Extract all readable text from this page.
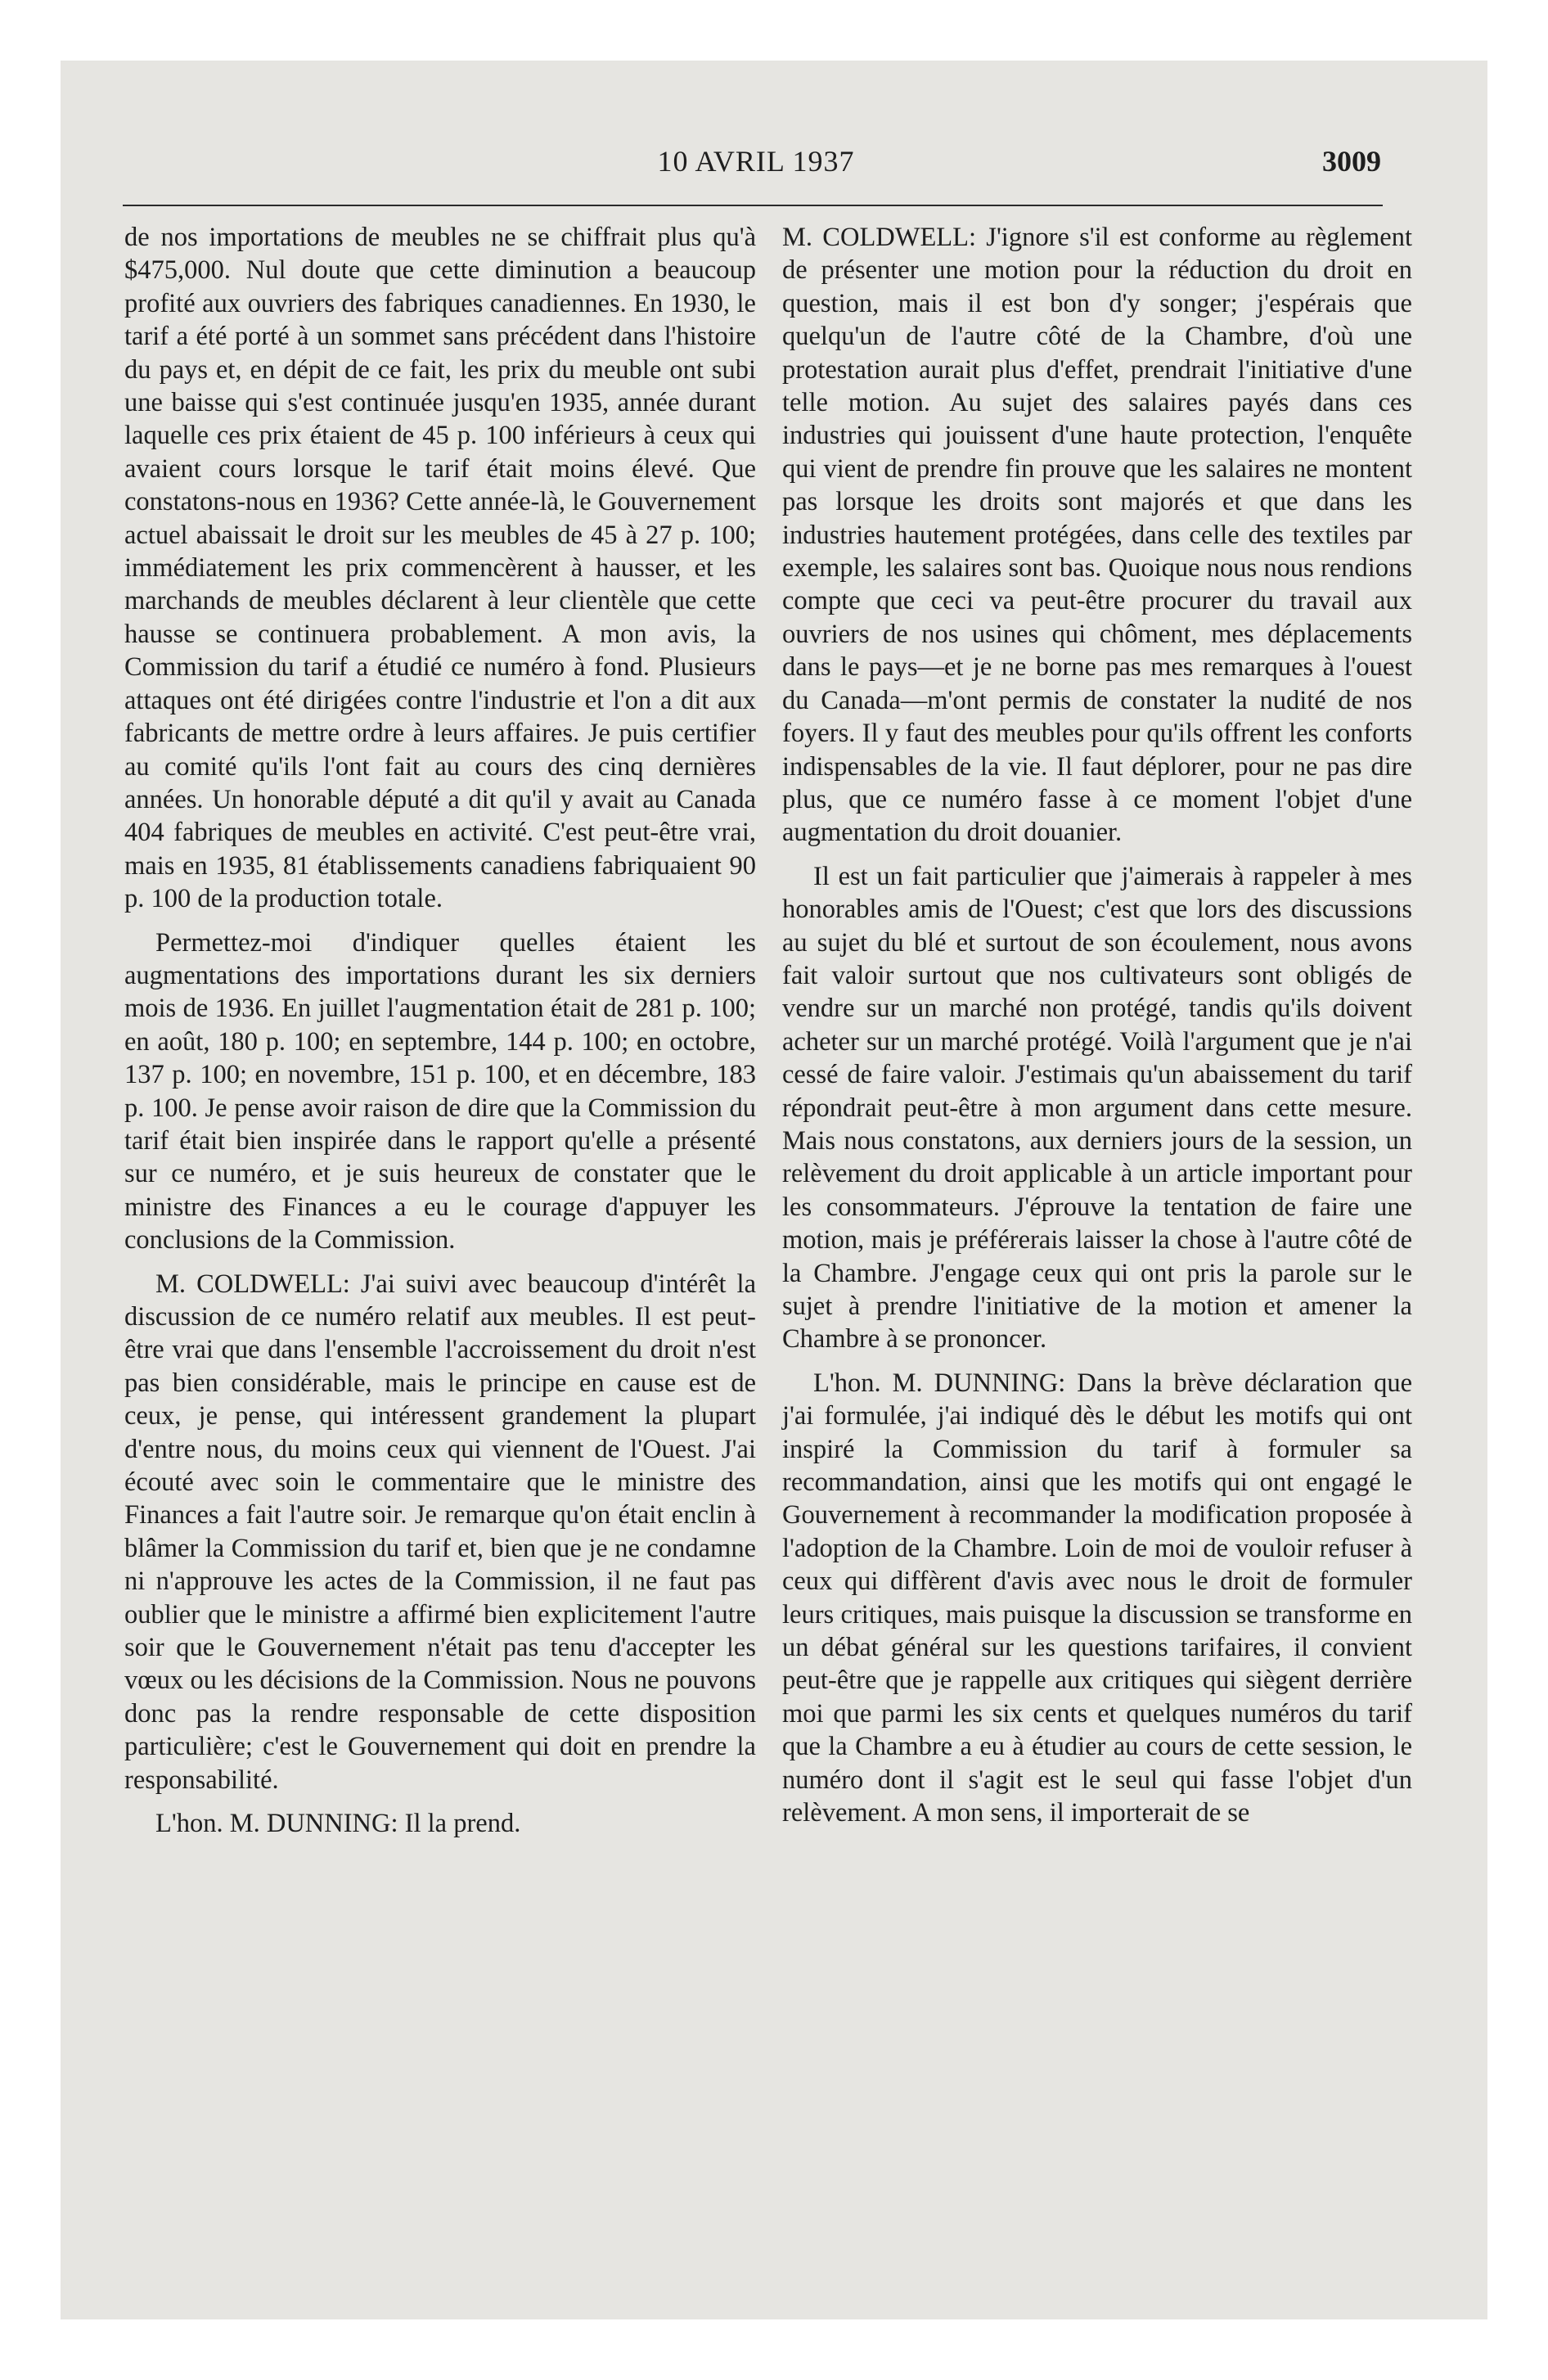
10 AVRIL 1937	3009

de nos importations de meubles ne se chiffrait plus qu'à $475,000. Nul doute que cette diminution a beaucoup profité aux ouvriers des fabriques canadiennes. En 1930, le tarif a été porté à un sommet sans précédent dans l'histoire du pays et, en dépit de ce fait, les prix du meuble ont subi une baisse qui s'est continuée jusqu'en 1935, année durant laquelle ces prix étaient de 45 p. 100 inférieurs à ceux qui avaient cours lorsque le tarif était moins élevé. Que constatons-nous en 1936? Cette année-là, le Gouvernement actuel abaissait le droit sur les meubles de 45 à 27 p. 100; immédiatement les prix commencèrent à hausser, et les marchands de meubles déclarent à leur clientèle que cette hausse se continuera probablement. A mon avis, la Commission du tarif a étudié ce numéro à fond. Plusieurs attaques ont été dirigées contre l'industrie et l'on a dit aux fabricants de mettre ordre à leurs affaires. Je puis certifier au comité qu'ils l'ont fait au cours des cinq dernières années. Un honorable député a dit qu'il y avait au Canada 404 fabriques de meubles en activité. C'est peut-être vrai, mais en 1935, 81 établissements canadiens fabriquaient 90 p. 100 de la production totale.

Permettez-moi d'indiquer quelles étaient les augmentations des importations durant les six derniers mois de 1936. En juillet l'augmentation était de 281 p. 100; en août, 180 p. 100; en septembre, 144 p. 100; en octobre, 137 p. 100; en novembre, 151 p. 100, et en décembre, 183 p. 100. Je pense avoir raison de dire que la Commission du tarif était bien inspirée dans le rapport qu'elle a présenté sur ce numéro, et je suis heureux de constater que le ministre des Finances a eu le courage d'appuyer les conclusions de la Commission.

M. COLDWELL: J'ai suivi avec beaucoup d'intérêt la discussion de ce numéro relatif aux meubles. Il est peut-être vrai que dans l'ensemble l'accroissement du droit n'est pas bien considérable, mais le principe en cause est de ceux, je pense, qui intéressent grandement la plupart d'entre nous, du moins ceux qui viennent de l'Ouest. J'ai écouté avec soin le commentaire que le ministre des Finances a fait l'autre soir. Je remarque qu'on était enclin à blâmer la Commission du tarif et, bien que je ne condamne ni n'approuve les actes de la Commission, il ne faut pas oublier que le ministre a affirmé bien explicitement l'autre soir que le Gouvernement n'était pas tenu d'accepter les vœux ou les décisions de la Commission. Nous ne pouvons donc pas la rendre responsable de cette disposition particulière; c'est le Gouvernement qui doit en prendre la responsabilité.

L'hon. M. DUNNING: Il la prend.

M. COLDWELL: J'ignore s'il est conforme au règlement de présenter une motion pour la réduction du droit en question, mais il est bon d'y songer; j'espérais que quelqu'un de l'autre côté de la Chambre, d'où une protestation aurait plus d'effet, prendrait l'initiative d'une telle motion. Au sujet des salaires payés dans ces industries qui jouissent d'une haute protection, l'enquête qui vient de prendre fin prouve que les salaires ne montent pas lorsque les droits sont majorés et que dans les industries hautement protégées, dans celle des textiles par exemple, les salaires sont bas. Quoique nous nous rendions compte que ceci va peut-être procurer du travail aux ouvriers de nos usines qui chôment, mes déplacements dans le pays—et je ne borne pas mes remarques à l'ouest du Canada—m'ont permis de constater la nudité de nos foyers. Il y faut des meubles pour qu'ils offrent les conforts indispensables de la vie. Il faut déplorer, pour ne pas dire plus, que ce numéro fasse à ce moment l'objet d'une augmentation du droit douanier.

Il est un fait particulier que j'aimerais à rappeler à mes honorables amis de l'Ouest; c'est que lors des discussions au sujet du blé et surtout de son écoulement, nous avons fait valoir surtout que nos cultivateurs sont obligés de vendre sur un marché non protégé, tandis qu'ils doivent acheter sur un marché protégé. Voilà l'argument que je n'ai cessé de faire valoir. J'estimais qu'un abaissement du tarif répondrait peut-être à mon argument dans cette mesure. Mais nous constatons, aux derniers jours de la session, un relèvement du droit applicable à un article important pour les consommateurs. J'éprouve la tentation de faire une motion, mais je préférerais laisser la chose à l'autre côté de la Chambre. J'engage ceux qui ont pris la parole sur le sujet à prendre l'initiative de la motion et amener la Chambre à se prononcer.

L'hon. M. DUNNING: Dans la brève déclaration que j'ai formulée, j'ai indiqué dès le début les motifs qui ont inspiré la Commission du tarif à formuler sa recommandation, ainsi que les motifs qui ont engagé le Gouvernement à recommander la modification proposée à l'adoption de la Chambre. Loin de moi de vouloir refuser à ceux qui diffèrent d'avis avec nous le droit de formuler leurs critiques, mais puisque la discussion se transforme en un débat général sur les questions tarifaires, il convient peut-être que je rappelle aux critiques qui siègent derrière moi que parmi les six cents et quelques numéros du tarif que la Chambre a eu à étudier au cours de cette session, le numéro dont il s'agit est le seul qui fasse l'objet d'un relèvement. A mon sens, il importerait de se
